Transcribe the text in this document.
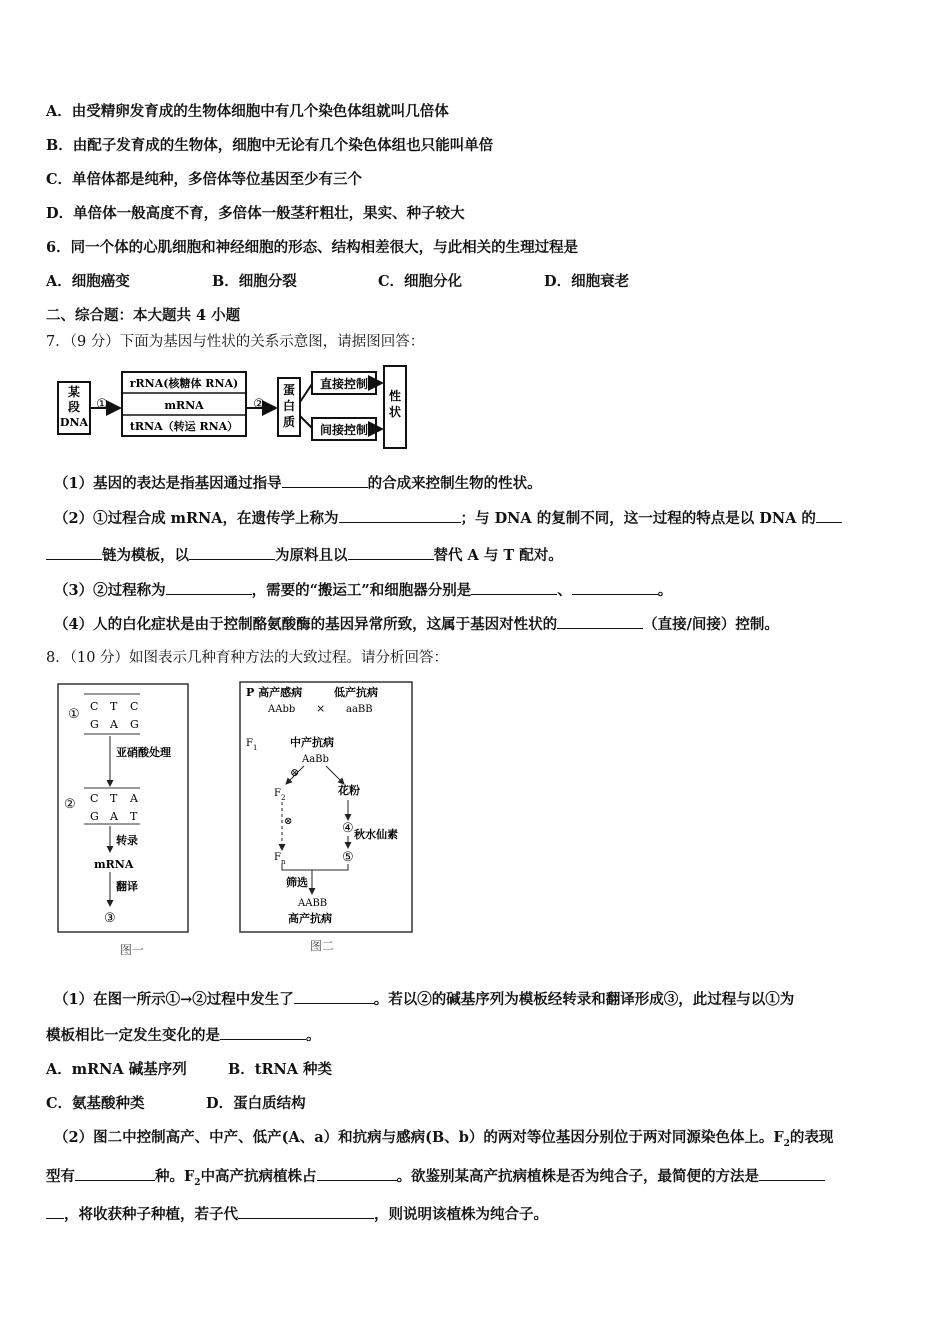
A．由受精卵发育成的生物体细胞中有几个染色体组就叫几倍体
B．由配子发育成的生物体，细胞中无论有几个染色体组也只能叫单倍
C．单倍体都是纯种，多倍体等位基因至少有三个
D．单倍体一般高度不育，多倍体一般茎秆粗壮，果实、种子较大
6．同一个体的心肌细胞和神经细胞的形态、结构相差很大，与此相关的生理过程是
A．细胞癌变	B．细胞分裂	C．细胞分化	D．细胞衰老
二、综合题：本大题共 4 小题
7．（9 分）下面为基因与性状的关系示意图，请据图回答：
某
段
DNA
①
rRNA(核糖体 RNA)
mRNA
tRNA（转运 RNA）
②
蛋
白
质
直接控制
间接控制
性
状
（1）基因的表达是指基因通过指导	的合成来控制生物的性状。
（2）①过程合成 mRNA，在遗传学上称为	；与 DNA 的复制不同，这一过程的特点是以 DNA 的
链为模板，以	为原料且以	替代 A 与 T 配对。
（3）②过程称为	，需要的“搬运工”和细胞器分别是	、	。
（4）人的白化症状是由于控制酪氨酸酶的基因异常所致，这属于基因对性状的	（直接/间接）控制。
8．（10 分）如图表示几种育种方法的大致过程。请分析回答：
①
C T C
G A G
亚硝酸处理
② C T A
G A T
转录
mRNA
翻译
③
图一
P 高产感病	低产抗病
AAbb × aaBB
F 1	中产抗病
AaBb
⊗
F 2
花粉
⊗	④ 秋水仙素
⑤
F n
筛选
AABB
高产抗病
图二
（1）在图一所示①→②过程中发生了	。若以②的碱基序列为模板经转录和翻译形成③，此过程与以①为
模板相比一定发生变化的是	。
A．mRNA 碱基序列	B．tRNA 种类
C．氨基酸种类	D．蛋白质结构
（2）图二中控制高产、中产、低产(A、a）和抗病与感病(B、b）的两对等位基因分别位于两对同源染色体上。$F_2$的表现
型有	种。$F_2$中高产抗病植株占	。欲鉴别某高产抗病植株是否为纯合子，最简便的方法是
，将收获种子种植，若子代	，则说明该植株为纯合子。
